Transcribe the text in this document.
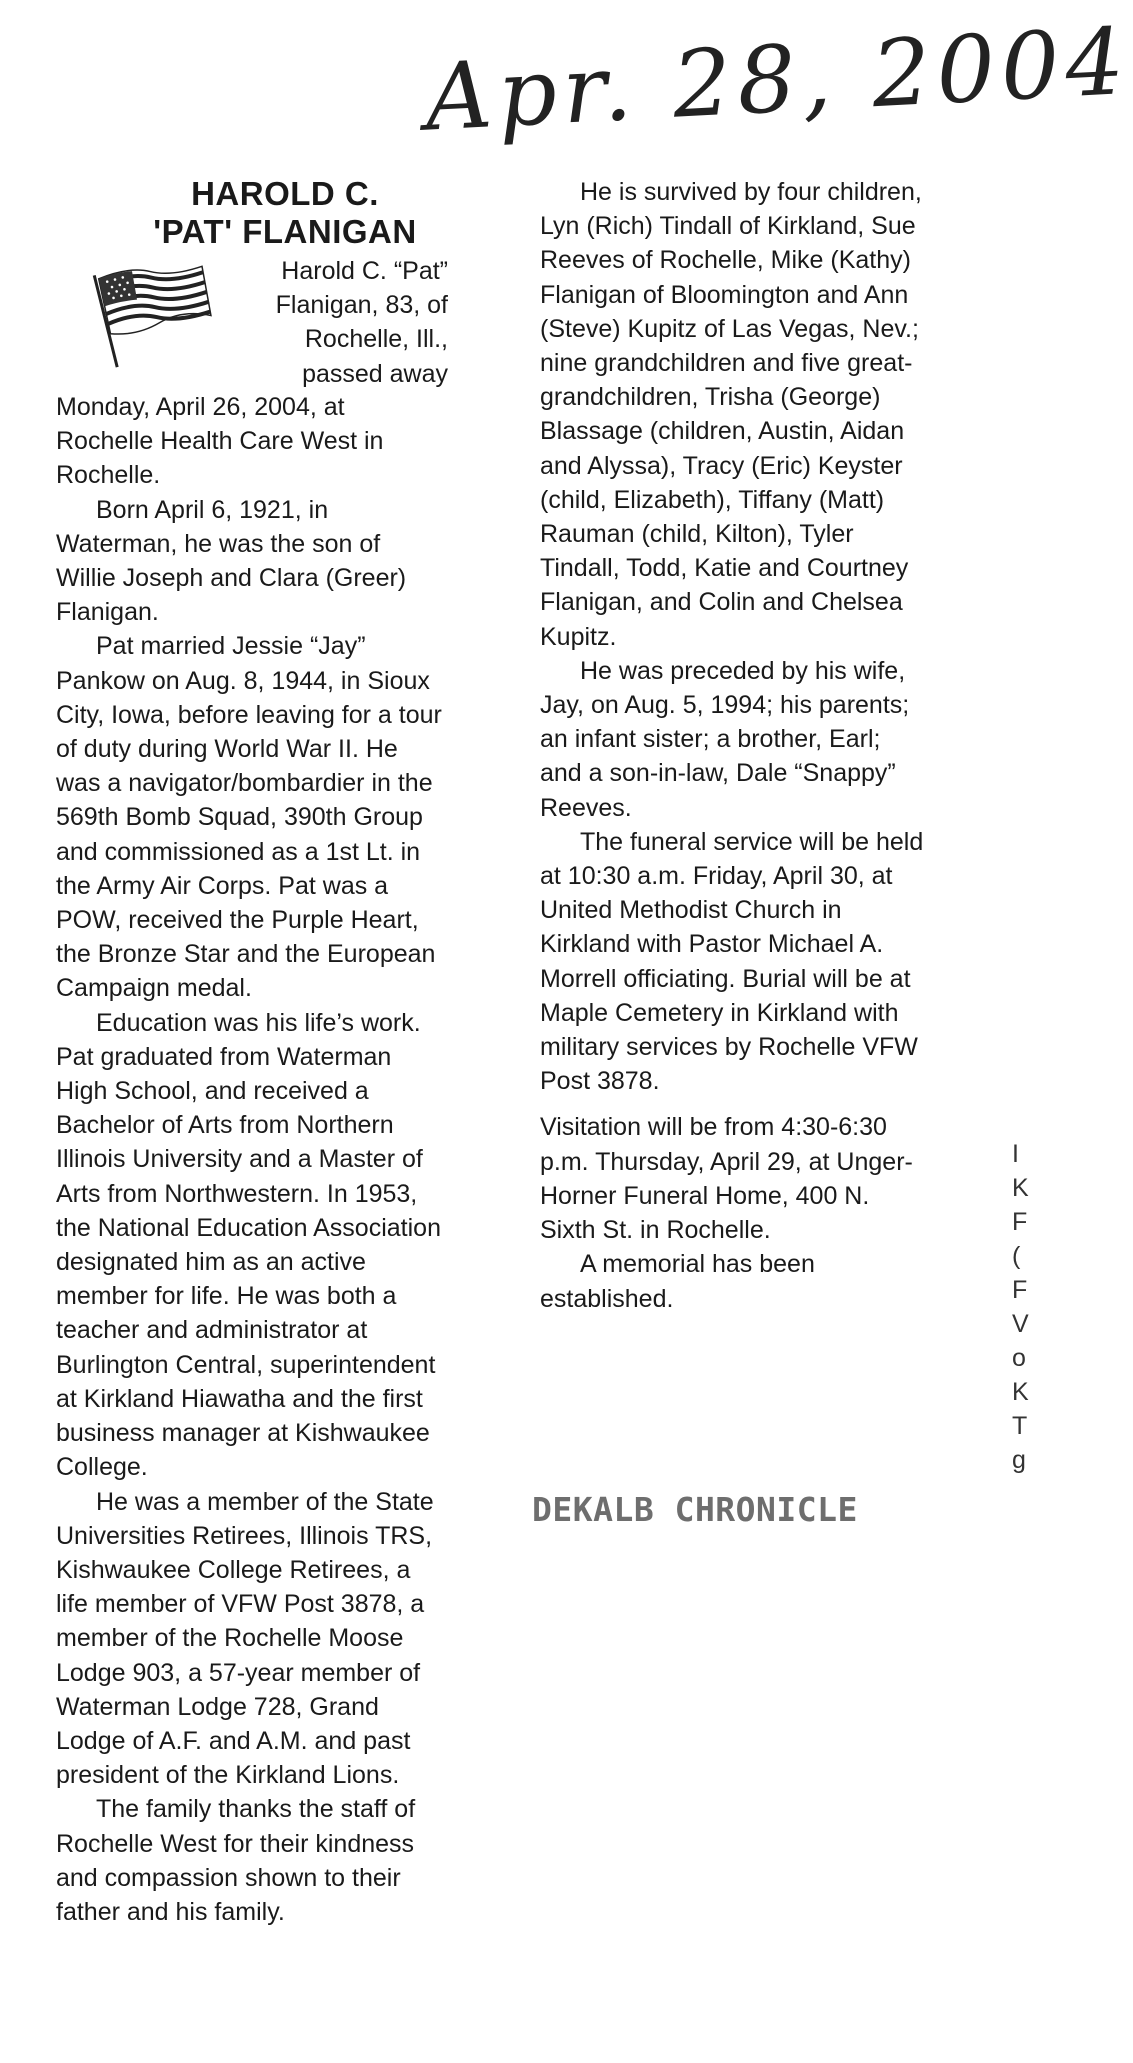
Apr. 28, 2004
HAROLD C.
'PAT' FLANIGAN
Harold C. “Pat”
Flanigan, 83, of
Rochelle, Ill.,
passed away

Monday, April 26, 2004, at Rochelle Health Care West in Rochelle.

Born April 6, 1921, in Waterman, he was the son of Willie Joseph and Clara (Greer) Flanigan.

Pat married Jessie “Jay” Pankow on Aug. 8, 1944, in Sioux City, Iowa, before leaving for a tour of duty during World War II. He was a navigator/bombardier in the 569th Bomb Squad, 390th Group and commissioned as a 1st Lt. in the Army Air Corps. Pat was a POW, received the Purple Heart, the Bronze Star and the European Campaign medal.

Education was his life’s work. Pat graduated from Waterman High School, and received a Bachelor of Arts from Northern Illinois University and a Master of Arts from Northwestern. In 1953, the National Education Association designated him as an active member for life. He was both a teacher and administrator at Burlington Central, superintendent at Kirkland Hiawatha and the first business manager at Kishwaukee College.

He was a member of the State Universities Retirees, Illinois TRS, Kishwaukee College Retirees, a life member of VFW Post 3878, a member of the Rochelle Moose Lodge 903, a 57-year member of Waterman Lodge 728, Grand Lodge of A.F. and A.M. and past president of the Kirkland Lions.

The family thanks the staff of Rochelle West for their kindness and compassion shown to their father and his family.

He is survived by four children, Lyn (Rich) Tindall of Kirkland, Sue Reeves of Rochelle, Mike (Kathy) Flanigan of Bloomington and Ann (Steve) Kupitz of Las Vegas, Nev.; nine grandchildren and five great-grandchildren, Trisha (George) Blassage (children, Austin, Aidan and Alyssa), Tracy (Eric) Keyster (child, Elizabeth), Tiffany (Matt) Rauman (child, Kilton), Tyler Tindall, Todd, Katie and Courtney Flanigan, and Colin and Chelsea Kupitz.

He was preceded by his wife, Jay, on Aug. 5, 1994; his parents; an infant sister; a brother, Earl; and a son-in-law, Dale “Snappy” Reeves.

The funeral service will be held at 10:30 a.m. Friday, April 30, at United Methodist Church in Kirkland with Pastor Michael A. Morrell officiating. Burial will be at Maple Cemetery in Kirkland with military services by Rochelle VFW Post 3878.

Visitation will be from 4:30-6:30 p.m. Thursday, April 29, at Unger-Horner Funeral Home, 400 N. Sixth St. in Rochelle.

A memorial has been established.

DEKALB CHRONICLE
I
K
F
(
F
V
o
K
T
g
